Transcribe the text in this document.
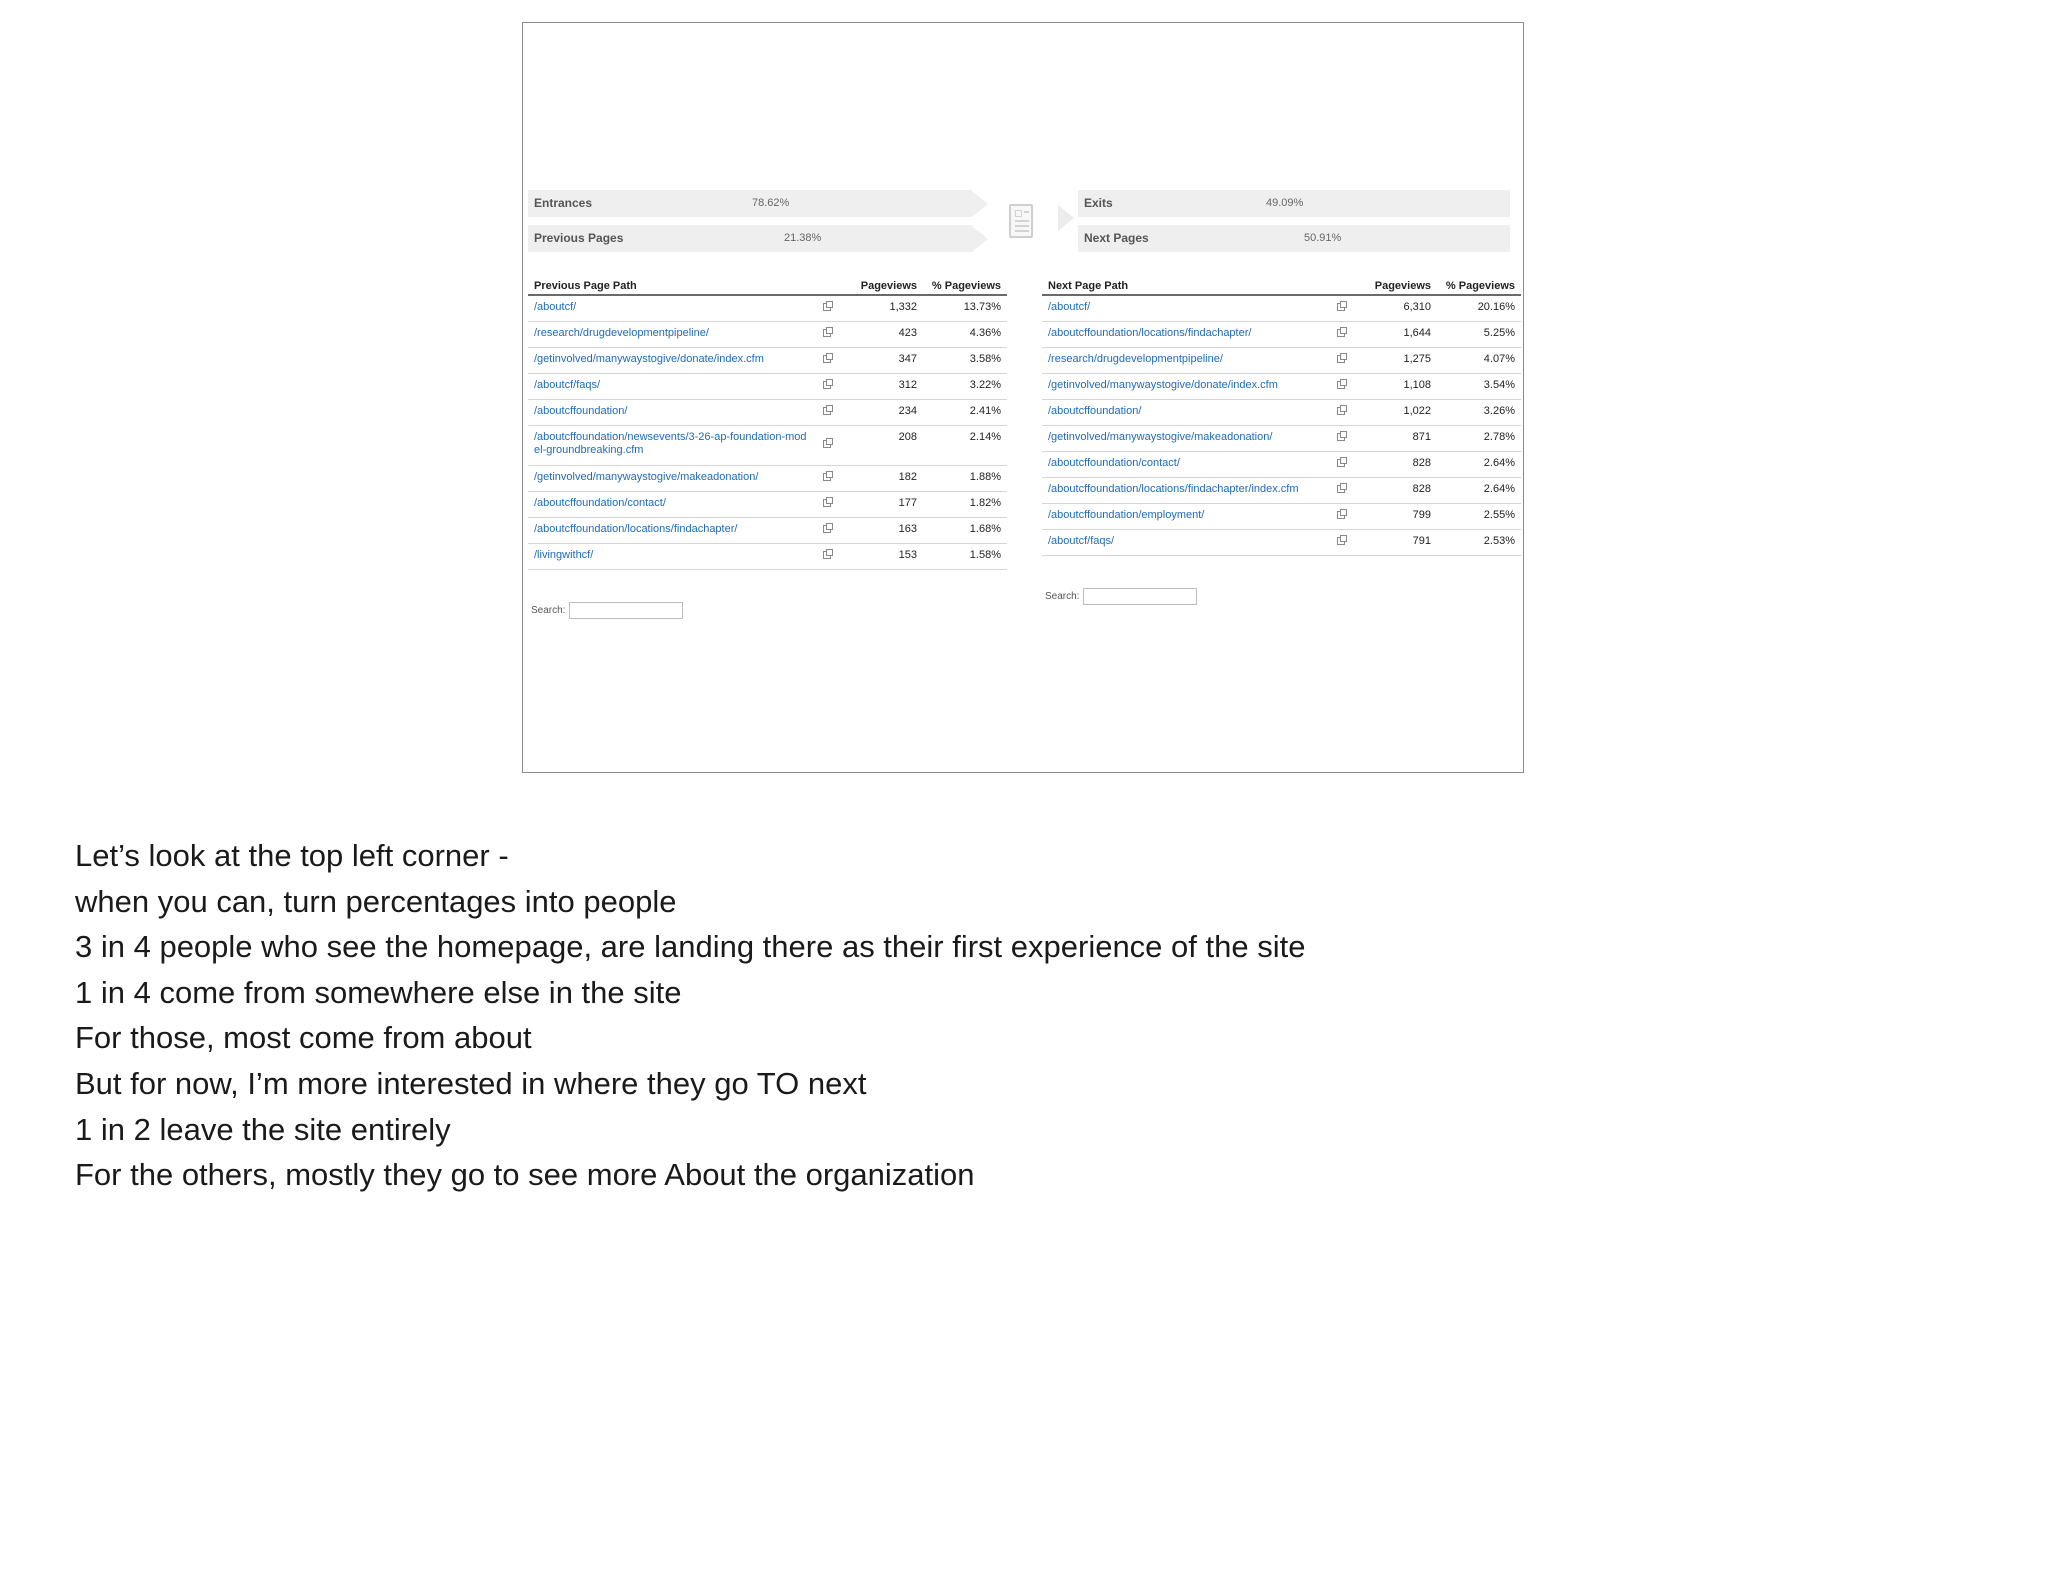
Entrances	78.62%
Previous Pages	21.38%
Exits	49.09%
Next Pages	50.91%
Previous Page Path		Pageviews	% Pageviews
/aboutcf/		1,332	13.73%
/research/drugdevelopmentpipeline/		423	4.36%
/getinvolved/manywaystogive/donate/index.cfm		347	3.58%
/aboutcf/faqs/		312	3.22%
/aboutcffoundation/		234	2.41%
/aboutcffoundation/newsevents/3-26-ap-foundation-model-groundbreaking.cfm		208	2.14%
/getinvolved/manywaystogive/makeadonation/		182	1.88%
/aboutcffoundation/contact/		177	1.82%
/aboutcffoundation/locations/findachapter/		163	1.68%
/livingwithcf/		153	1.58%
Search:
Next Page Path		Pageviews	% Pageviews
/aboutcf/		6,310	20.16%
/aboutcffoundation/locations/findachapter/		1,644	5.25%
/research/drugdevelopmentpipeline/		1,275	4.07%
/getinvolved/manywaystogive/donate/index.cfm		1,108	3.54%
/aboutcffoundation/		1,022	3.26%
/getinvolved/manywaystogive/makeadonation/		871	2.78%
/aboutcffoundation/contact/		828	2.64%
/aboutcffoundation/locations/findachapter/index.cfm		828	2.64%
/aboutcffoundation/employment/		799	2.55%
/aboutcf/faqs/		791	2.53%
Search:
Let’s look at the top left corner -
when you can, turn percentages into people
3 in 4 people who see the homepage, are landing there as their first experience of the site
1 in 4 come from somewhere else in the site
For those, most come from about
But for now, I’m more interested in where they go TO next
1 in 2 leave the site entirely
For the others, mostly they go to see more About the organization
